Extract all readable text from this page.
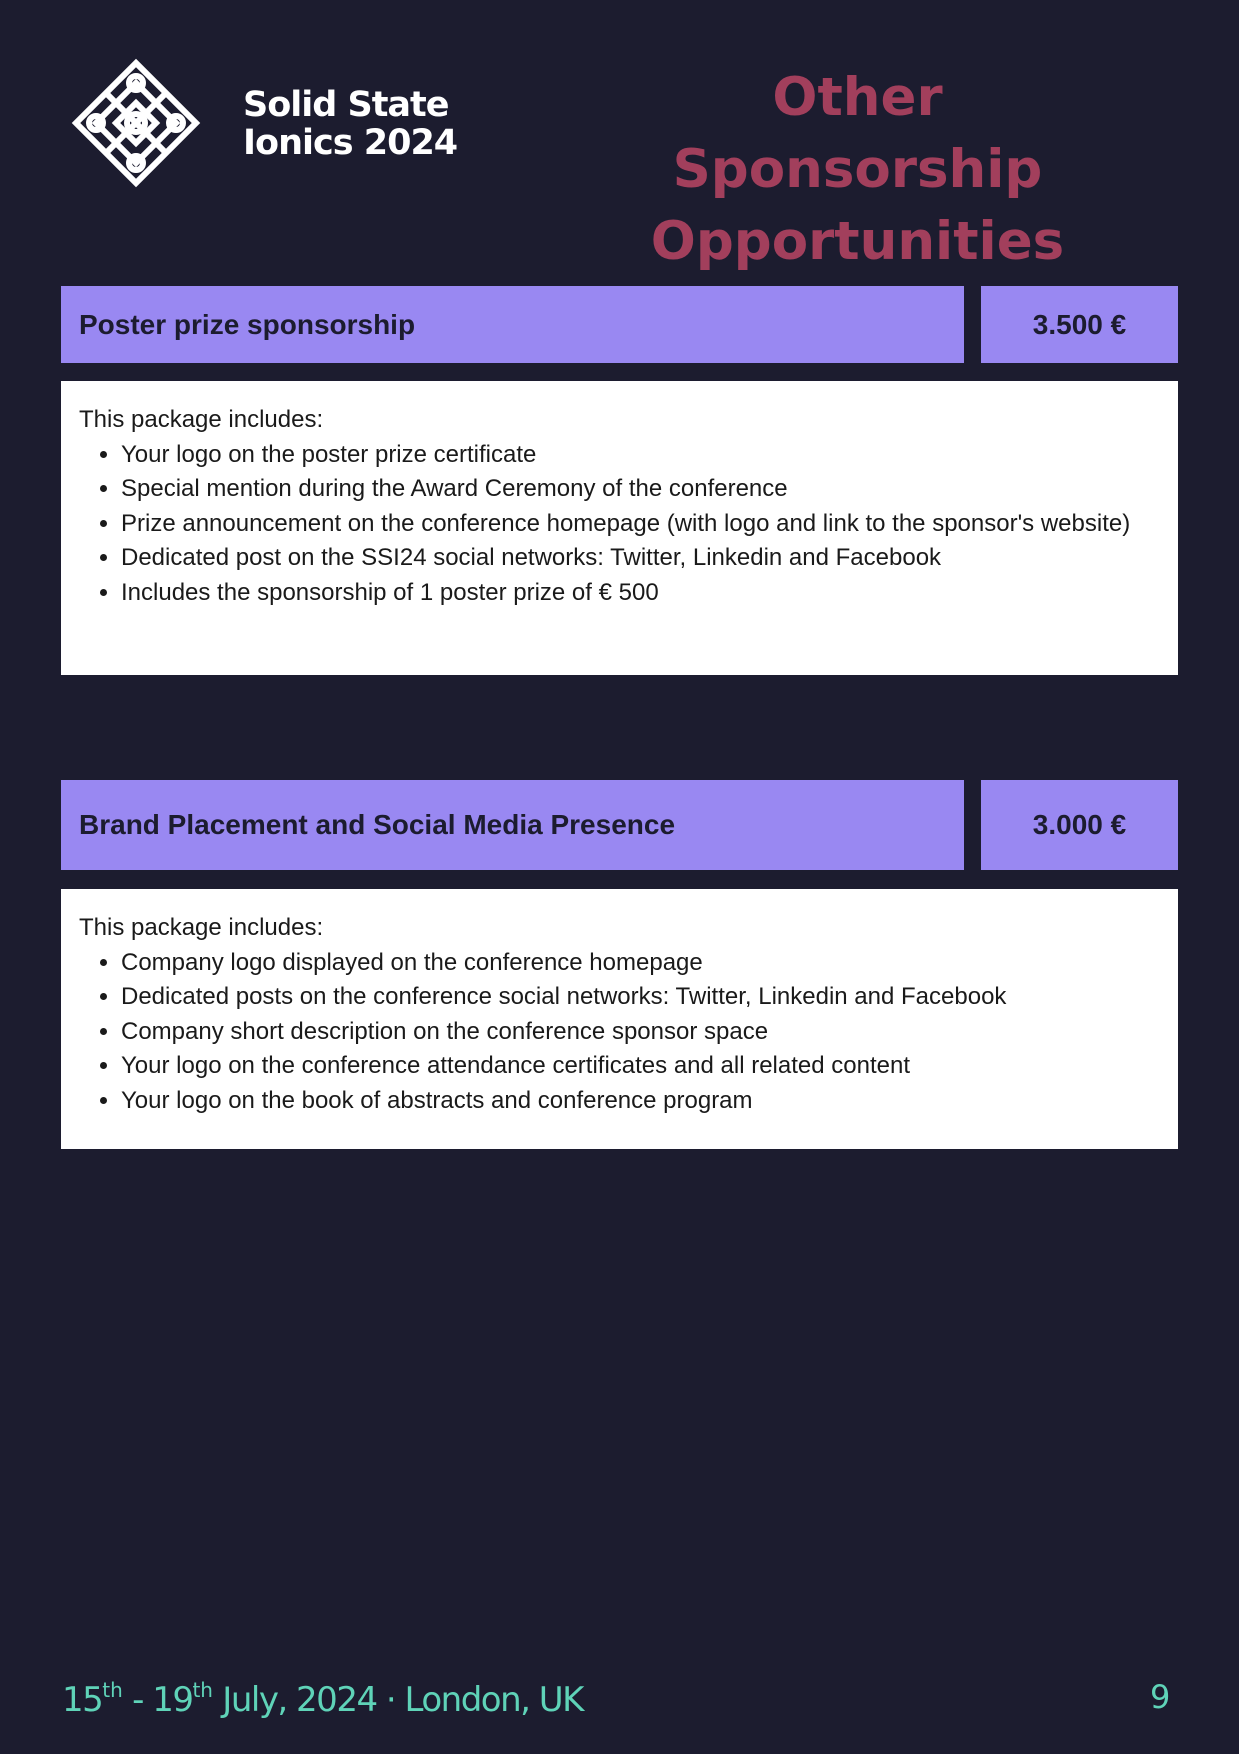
Solid State
Ionics 2024
Other Sponsorship
Opportunities
Poster prize sponsorship	3.500 €

This package includes:

• Your logo on the poster prize certificate
• Special mention during the Award Ceremony of the conference
• Prize announcement on the conference homepage (with logo and link to the sponsor's website)
• Dedicated post on the SSI24 social networks: Twitter, Linkedin and Facebook
• Includes the sponsorship of 1 poster prize of € 500
Brand Placement and Social Media Presence	3.000 €

This package includes:

• Company logo displayed on the conference homepage
• Dedicated posts on the conference social networks: Twitter, Linkedin and Facebook
• Company short description on the conference sponsor space
• Your logo on the conference attendance certificates and all related content
• Your logo on the book of abstracts and conference program
15th - 19th July, 2024 · London, UK	9
